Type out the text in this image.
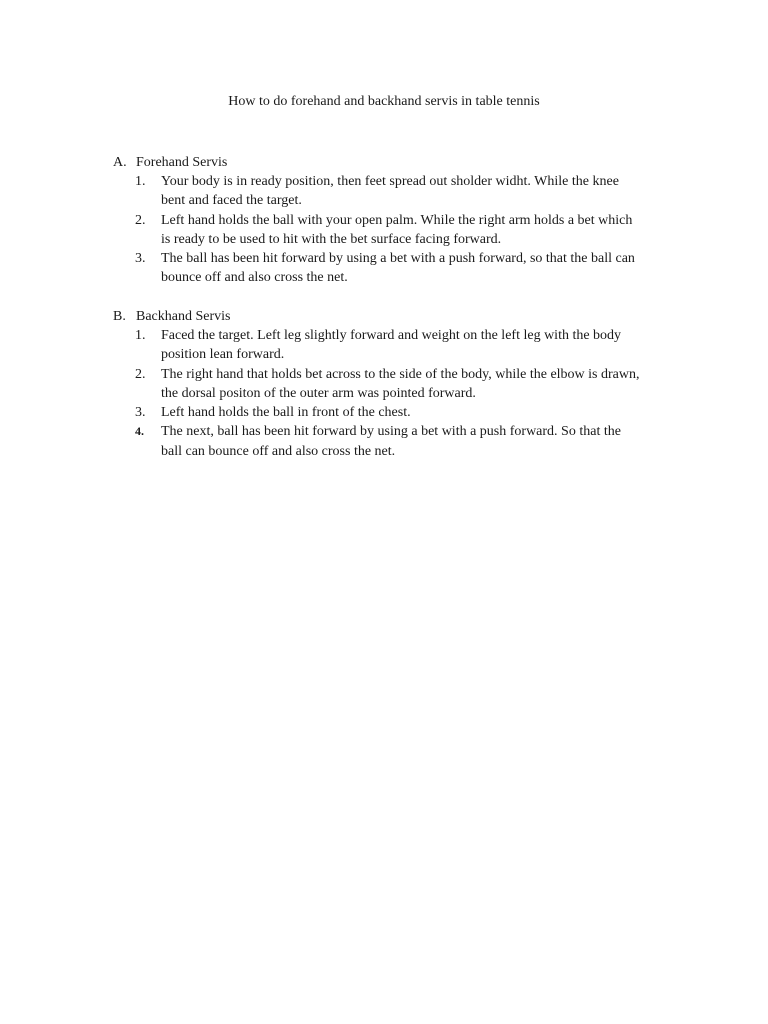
How to do forehand and backhand servis in table tennis
A. Forehand Servis
1.	Your body is in ready position, then feet spread out sholder widht. While the knee
bent and faced the target.
2.	Left hand holds the ball with your open palm. While the right arm holds a bet which
is ready to be used to hit with the bet surface facing forward.
3.	The ball has been hit forward by using a bet with a push forward, so that the ball can
bounce off and also cross the net.
B. Backhand Servis
1.	Faced the target. Left leg slightly forward and weight on the left leg with the body
position lean forward.
2.	The right hand that holds bet across to the side of the body, while the elbow is drawn,
the dorsal positon of the outer arm was pointed forward.
3.	Left hand holds the ball in front of the chest.
4.	The next, ball has been hit forward by using a bet with a push forward. So that the
ball can bounce off and also cross the net.
